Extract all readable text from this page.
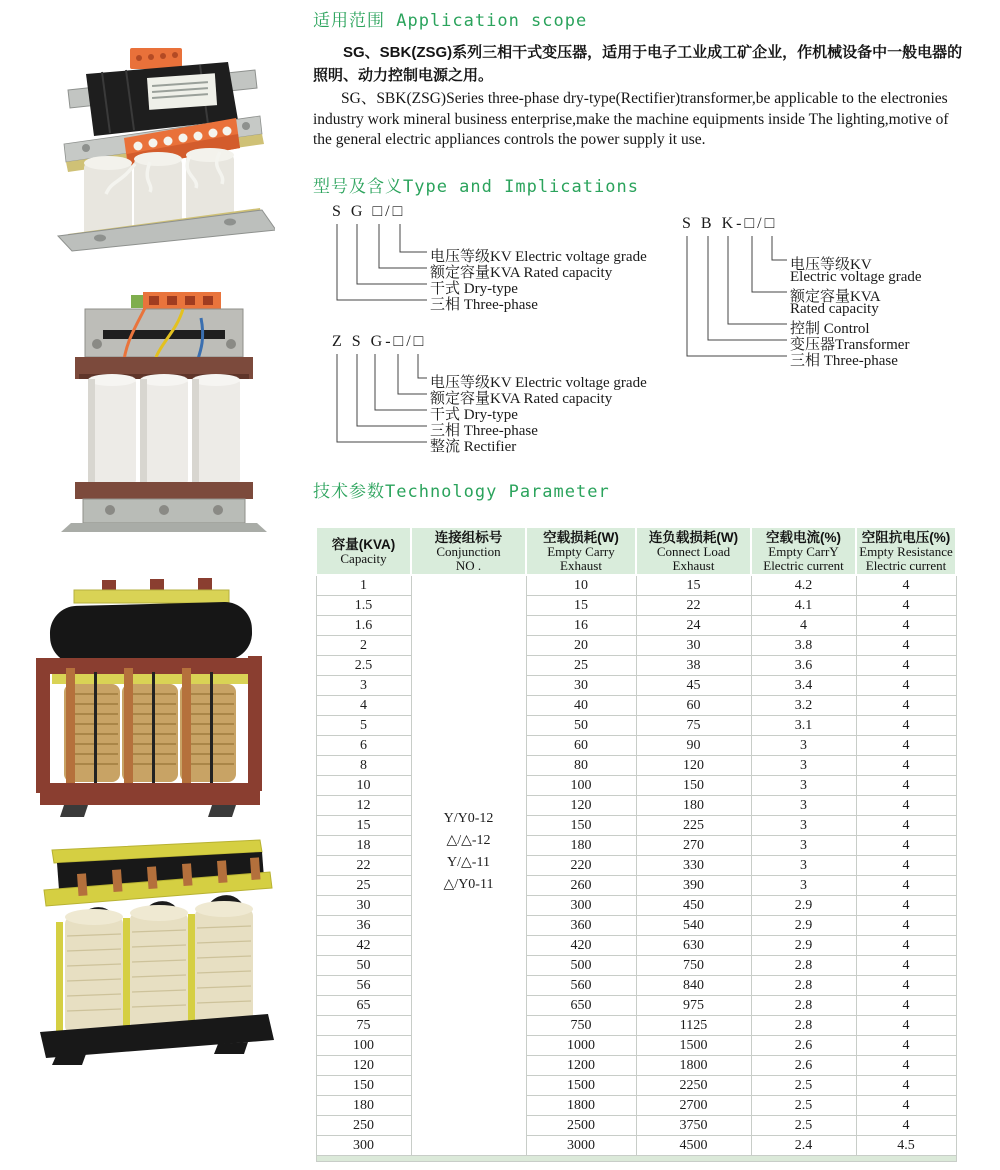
适用范围 Application scope

SG、SBK(ZSG)系列三相干式变压器，适用于电子工业成工矿企业，作机械设备中一般电器的照明、动力控制电源之用。

SG、SBK(ZSG)Series three-phase dry-type(Rectifier)transformer,be applicable to the electronies industry work mineral business enterprise,make the machine equipments inside The lighting,motive of the general electric appliances controls the power supply it use.

型号及含义Type and Implications
S G □/□
电压等级KV Electric voltage grade
额定容量KVA Rated capacity
干式 Dry-type
三相 Three-phase
S B K-□/□
电压等级KV
Electric voltage grade
额定容量KVA
Rated capacity
控制 Control
变压器Transformer
三相 Three-phase
Z S G-□/□
电压等级KV Electric voltage grade
额定容量KVA Rated capacity
干式 Dry-type
三相 Three-phase
整流 Rectifier
技术参数Technology Parameter
容量(KVA)
Capacity

连接组标号
Conjunction
NO .

空载损耗(W)
Empty Carry
Exhaust

连负载损耗(W)
Connect Load
Exhaust

空载电流(%)
Empty CarrY
Electric current

空阻抗电压(%)
Empty Resistance
Electric current

1	Y/Y0-12
△/△-12
Y/△-11
△/Y0-11	10	15	4.2	4
1.5		15	22	4.1	4
1.6		16	24	4	4
2		20	30	3.8	4
2.5		25	38	3.6	4
3		30	45	3.4	4
4		40	60	3.2	4
5		50	75	3.1	4
6		60	90	3	4
8		80	120	3	4
10		100	150	3	4
12		120	180	3	4
15		150	225	3	4
18		180	270	3	4
22		220	330	3	4
25		260	390	3	4
30		300	450	2.9	4
36		360	540	2.9	4
42		420	630	2.9	4
50		500	750	2.8	4
56		560	840	2.8	4
65		650	975	2.8	4
75		750	1125	2.8	4
100		1000	1500	2.6	4
120		1200	1800	2.6	4
150		1500	2250	2.5	4
180		1800	2700	2.5	4
250		2500	3750	2.5	4
300		3000	4500	2.4	4.5
